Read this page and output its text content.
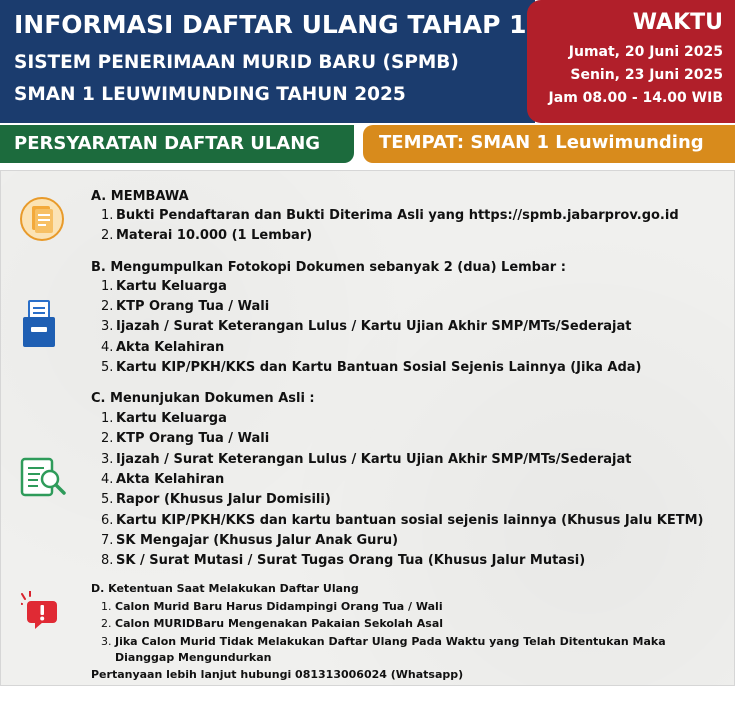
INFORMASI DAFTAR ULANG TAHAP 1
SISTEM PENERIMAAN MURID BARU (SPMB)
SMAN 1 LEUWIMUNDING TAHUN 2025
WAKTU
Jumat, 20 Juni 2025
Senin, 23 Juni 2025
Jam 08.00 - 14.00 WIB
PERSYARATAN DAFTAR ULANG	TEMPAT: SMAN 1 Leuwimunding
A. MEMBAWA
1. Bukti Pendaftaran dan Bukti Diterima Asli yang https://spmb.jabarprov.go.id
2. Materai 10.000 (1 Lembar)
B. Mengumpulkan Fotokopi Dokumen sebanyak 2 (dua) Lembar :
1. Kartu Keluarga
2. KTP Orang Tua / Wali
3. Ijazah / Surat Keterangan Lulus / Kartu Ujian Akhir SMP/MTs/Sederajat
4. Akta Kelahiran
5. Kartu KIP/PKH/KKS dan Kartu Bantuan Sosial Sejenis Lainnya (Jika Ada)
C. Menunjukan Dokumen Asli :
1. Kartu Keluarga
2. KTP Orang Tua / Wali
3. Ijazah / Surat Keterangan Lulus / Kartu Ujian Akhir SMP/MTs/Sederajat
4. Akta Kelahiran
5. Rapor (Khusus Jalur Domisili)
6. Kartu KIP/PKH/KKS dan kartu bantuan sosial sejenis lainnya (Khusus Jalu KETM)
7. SK Mengajar (Khusus Jalur Anak Guru)
8. SK / Surat Mutasi / Surat Tugas Orang Tua (Khusus Jalur Mutasi)
D. Ketentuan Saat Melakukan Daftar Ulang
1. Calon Murid Baru Harus Didampingi Orang Tua / Wali
2. Calon MURIDBaru Mengenakan Pakaian Sekolah Asal
3. Jika Calon Murid Tidak Melakukan Daftar Ulang Pada Waktu yang Telah Ditentukan Maka
Dianggap Mengundurkan
Pertanyaan lebih lanjut hubungi 081313006024 (Whatsapp)
